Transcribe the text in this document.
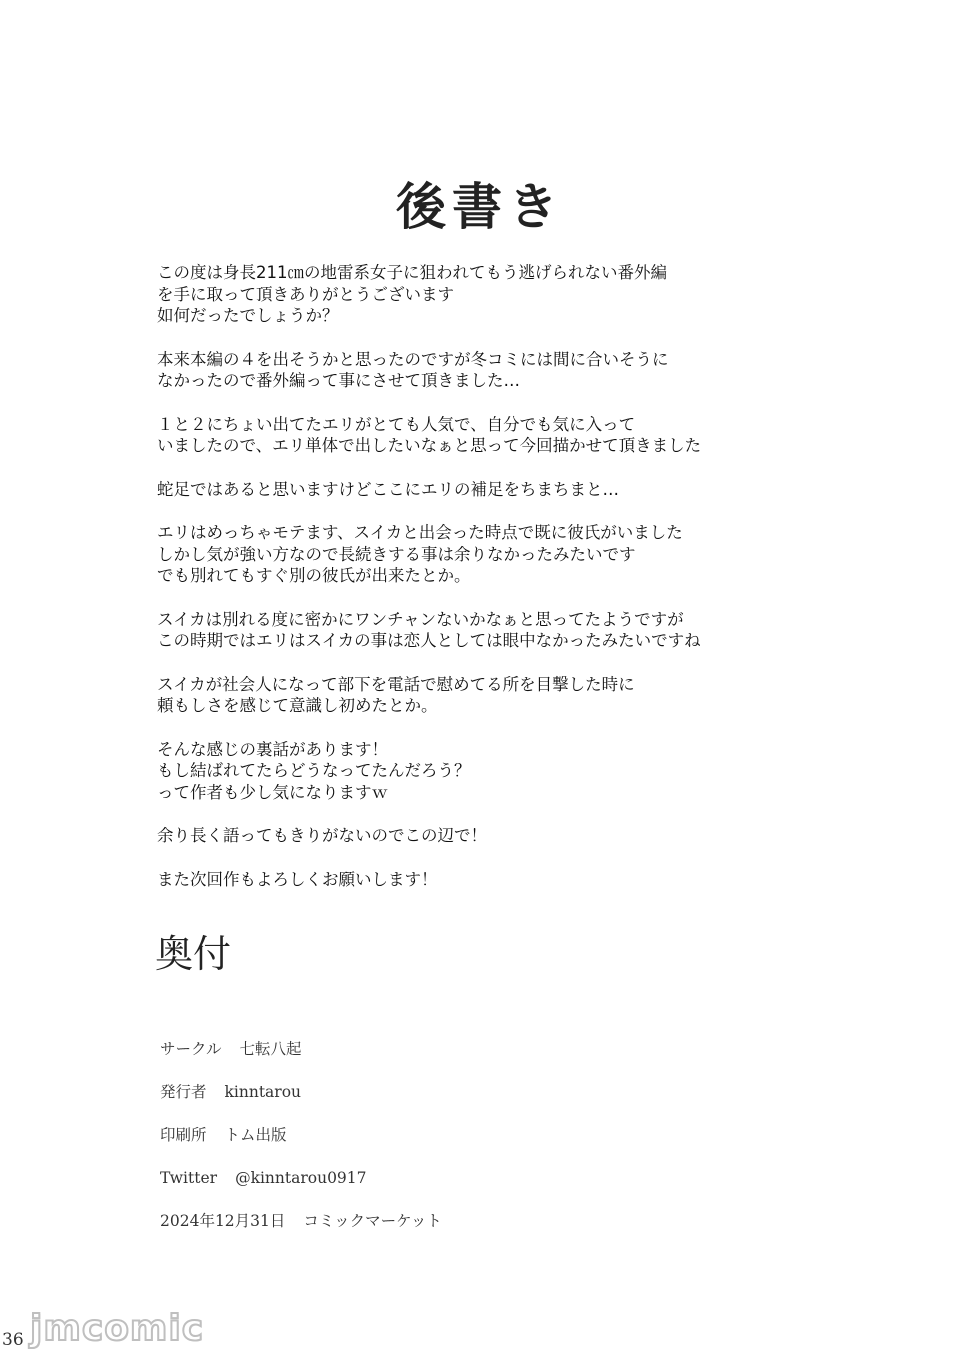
後書き
この度は身長211㎝の地雷系女子に狙われてもう逃げられない番外編
を手に取って頂きありがとうございます
如何だったでしょうか？
本来本編の４を出そうかと思ったのですが冬コミには間に合いそうに
なかったので番外編って事にさせて頂きました…
１と２にちょい出てたエリがとても人気で、自分でも気に入って
いましたので、エリ単体で出したいなぁと思って今回描かせて頂きました
蛇足ではあると思いますけどここにエリの補足をちまちまと…
エリはめっちゃモテます、スイカと出会った時点で既に彼氏がいました
しかし気が強い方なので長続きする事は余りなかったみたいです
でも別れてもすぐ別の彼氏が出来たとか。
スイカは別れる度に密かにワンチャンないかなぁと思ってたようですが
この時期ではエリはスイカの事は恋人としては眼中なかったみたいですね
スイカが社会人になって部下を電話で慰めてる所を目撃した時に
頼もしさを感じて意識し初めたとか。
そんな感じの裏話があります！
もし結ばれてたらどうなってたんだろう？
って作者も少し気になりますｗ
余り長く語ってもきりがないのでこの辺で！
また次回作もよろしくお願いします！
奥付
サークル 七転八起
発行者 kinntarou
印刷所 トム出版
Twitter @kinntarou0917
2024年12月31日 コミックマーケット
36 jmcomic
